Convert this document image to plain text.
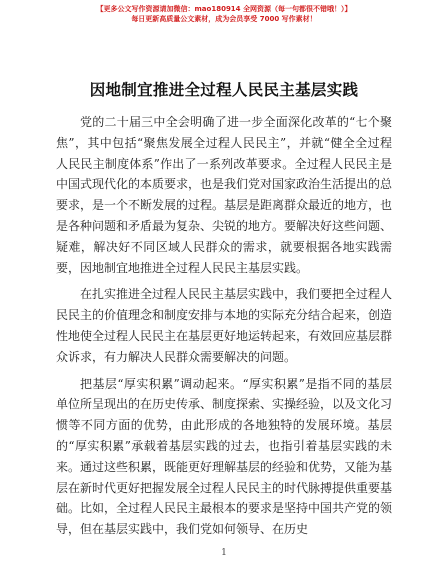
【更多公文写作资源请加微信：mao180914 全网资源（每一句都很不错哦！）】
每日更新高质量公文素材，成为会员享受 7000 写作素材！
因地制宜推进全过程人民民主基层实践

党的二十届三中全会明确了进一步全面深化改革的“七个聚焦”，其中包括“聚焦发展全过程人民民主”，并就“健全全过程人民民主制度体系”作出了一系列改革要求。全过程人民民主是中国式现代化的本质要求，也是我们党对国家政治生活提出的总要求，是一个不断发展的过程。基层是距离群众最近的地方，也是各种问题和矛盾最为复杂、尖锐的地方。要解决好这些问题、疑难，解决好不同区域人民群众的需求，就要根据各地实践需要，因地制宜地推进全过程人民民主基层实践。

在扎实推进全过程人民民主基层实践中，我们要把全过程人民民主的价值理念和制度安排与本地的实际充分结合起来，创造性地使全过程人民民主在基层更好地运转起来，有效回应基层群众诉求，有力解决人民群众需要解决的问题。

把基层“厚实积累”调动起来。“厚实积累”是指不同的基层单位所呈现出的在历史传承、制度探索、实操经验，以及文化习惯等不同方面的优势，由此形成的各地独特的发展环境。基层的“厚实积累”承载着基层实践的过去，也指引着基层实践的未来。通过这些积累，既能更好理解基层的经验和优势，又能为基层在新时代更好把握发展全过程人民民主的时代脉搏提供重要基础。比如，全过程人民民主最根本的要求是坚持中国共产党的领导，但在基层实践中，我们党如何领导、在历史

1
